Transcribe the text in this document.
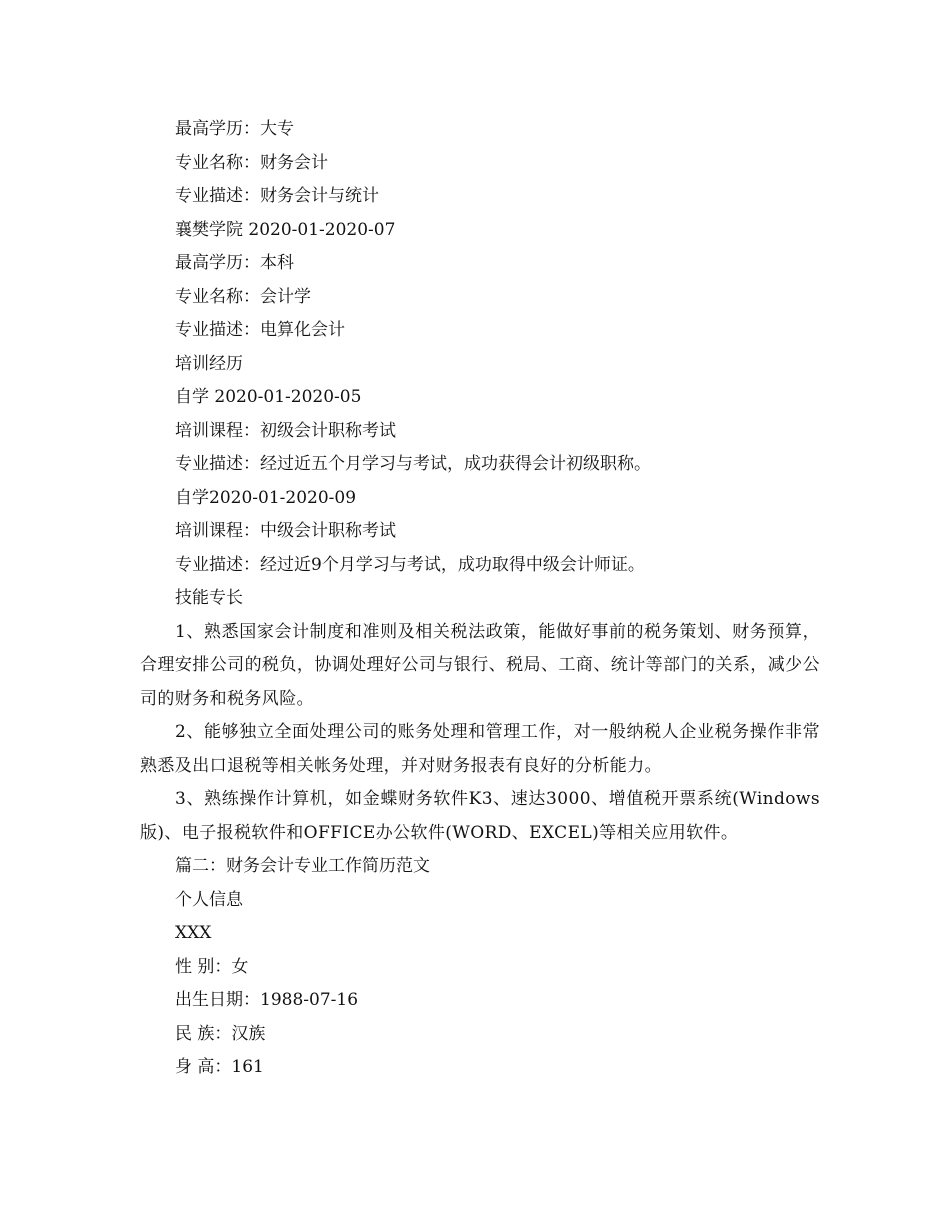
最高学历：大专
专业名称：财务会计
专业描述：财务会计与统计
襄樊学院 2020-01-2020-07
最高学历：本科
专业名称：会计学
专业描述：电算化会计
培训经历
自学 2020-01-2020-05
培训课程：初级会计职称考试
专业描述：经过近五个月学习与考试，成功获得会计初级职称。
自学2020-01-2020-09
培训课程：中级会计职称考试
专业描述：经过近9个月学习与考试，成功取得中级会计师证。
技能专长
1、熟悉国家会计制度和准则及相关税法政策，能做好事前的税务策划、财务预算，合理安排公司的税负，协调处理好公司与银行、税局、工商、统计等部门的关系，减少公司的财务和税务风险。
2、能够独立全面处理公司的账务处理和管理工作，对一般纳税人企业税务操作非常熟悉及出口退税等相关帐务处理，并对财务报表有良好的分析能力。
3、熟练操作计算机，如金蝶财务软件K3、速达3000、增值税开票系统(Windows版)、电子报税软件和OFFICE办公软件(WORD、EXCEL)等相关应用软件。
篇二：财务会计专业工作简历范文
个人信息
XXX
性 别：女
出生日期：1988-07-16
民 族：汉族
身 高：161
